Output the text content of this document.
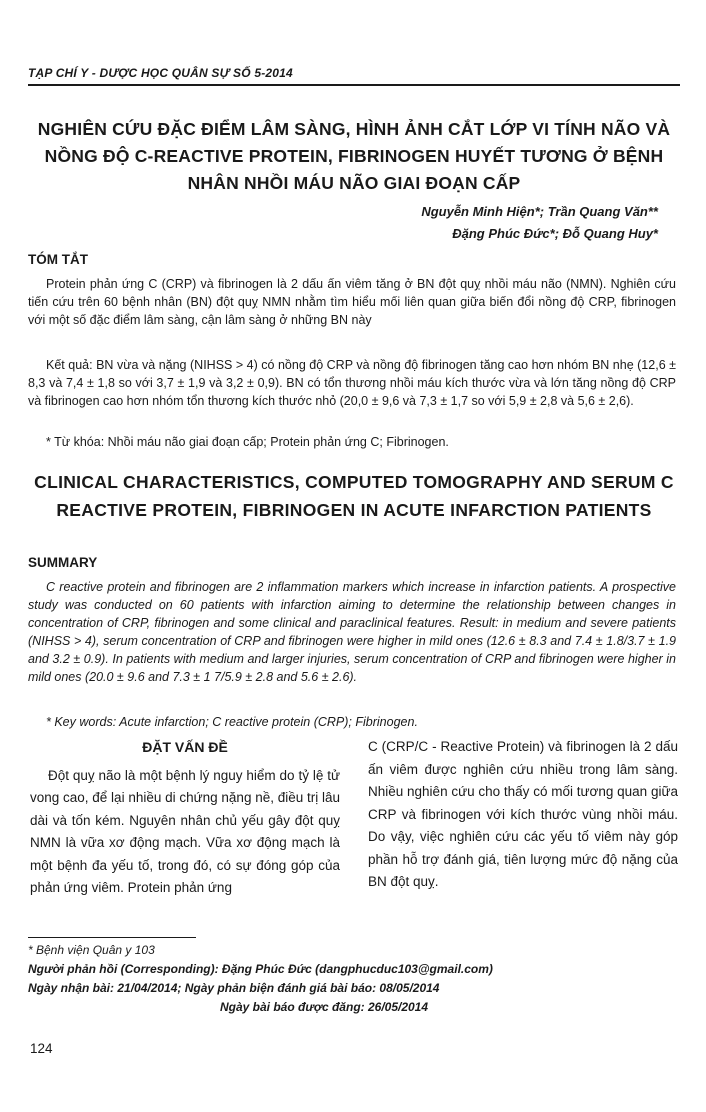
TẠP CHÍ Y - DƯỢC HỌC QUÂN SỰ SỐ 5-2014
NGHIÊN CỨU ĐẶC ĐIỂM LÂM SÀNG, HÌNH ẢNH CẮT LỚP VI TÍNH NÃO VÀ NỒNG ĐỘ C-REACTIVE PROTEIN, FIBRINOGEN HUYẾT TƯƠNG Ở BỆNH NHÂN NHỒI MÁU NÃO GIAI ĐOẠN CẤP
Nguyễn Minh Hiện*; Trần Quang Văn**
Đặng Phúc Đức*; Đỗ Quang Huy*
TÓM TẮT

Protein phản ứng C (CRP) và fibrinogen là 2 dấu ấn viêm tăng ở BN đột quỵ nhồi máu não (NMN). Nghiên cứu tiến cứu trên 60 bệnh nhân (BN) đột quỵ NMN nhằm tìm hiểu mối liên quan giữa biến đổi nồng độ CRP, fibrinogen với một số đặc điểm lâm sàng, cận lâm sàng ở những BN này

Kết quả: BN vừa và nặng (NIHSS > 4) có nồng độ CRP và nồng độ fibrinogen tăng cao hơn nhóm BN nhẹ (12,6 ± 8,3 và 7,4 ± 1,8 so với 3,7 ± 1,9 và 3,2 ± 0,9). BN có tổn thương nhồi máu kích thước vừa và lớn tăng nồng độ CRP và fibrinogen cao hơn nhóm tổn thương kích thước nhỏ (20,0 ± 9,6 và 7,3 ± 1,7 so với 5,9 ± 2,8 và 5,6 ± 2,6).

* Từ khóa: Nhồi máu não giai đoạn cấp; Protein phản ứng C; Fibrinogen.

CLINICAL CHARACTERISTICS, COMPUTED TOMOGRAPHY AND SERUM C REACTIVE PROTEIN, FIBRINOGEN IN ACUTE INFARCTION PATIENTS
SUMMARY

C reactive protein and fibrinogen are 2 inflammation markers which increase in infarction patients. A prospective study was conducted on 60 patients with infarction aiming to determine the relationship between changes in concentration of CRP, fibrinogen and some clinical and paraclinical features. Result: in medium and severe patients (NIHSS > 4), serum concentration of CRP and fibrinogen were higher in mild ones (12.6 ± 8.3 and 7.4 ± 1.8/3.7 ± 1.9 and 3.2 ± 0.9). In patients with medium and larger injuries, serum concentration of CRP and fibrinogen were higher in mild ones (20.0 ± 9.6 and 7.3 ± 1 7/5.9 ± 2.8 and 5.6 ± 2.6).

* Key words: Acute infarction; C reactive protein (CRP); Fibrinogen.

ĐẶT VẤN ĐỀ

Đột quỵ não là một bệnh lý nguy hiểm do tỷ lệ tử vong cao, để lại nhiều di chứng nặng nề, điều trị lâu dài và tốn kém. Nguyên nhân chủ yếu gây đột quỵ NMN là vữa xơ động mạch. Vữa xơ động mạch là một bệnh đa yếu tố, trong đó, có sự đóng góp của phản ứng viêm. Protein phản ứng

C (CRP/C - Reactive Protein) và fibrinogen là 2 dấu ấn viêm được nghiên cứu nhiều trong lâm sàng. Nhiều nghiên cứu cho thấy có mối tương quan giữa CRP và fibrinogen với kích thước vùng nhồi máu. Do vậy, việc nghiên cứu các yếu tố viêm này góp phần hỗ trợ đánh giá, tiên lượng mức độ nặng của BN đột quỵ.

* Bệnh viện Quân y 103
Người phản hồi (Corresponding): Đặng Phúc Đức (dangphucduc103@gmail.com)
Ngày nhận bài: 21/04/2014; Ngày phản biện đánh giá bài báo: 08/05/2014
Ngày bài báo được đăng: 26/05/2014
124
